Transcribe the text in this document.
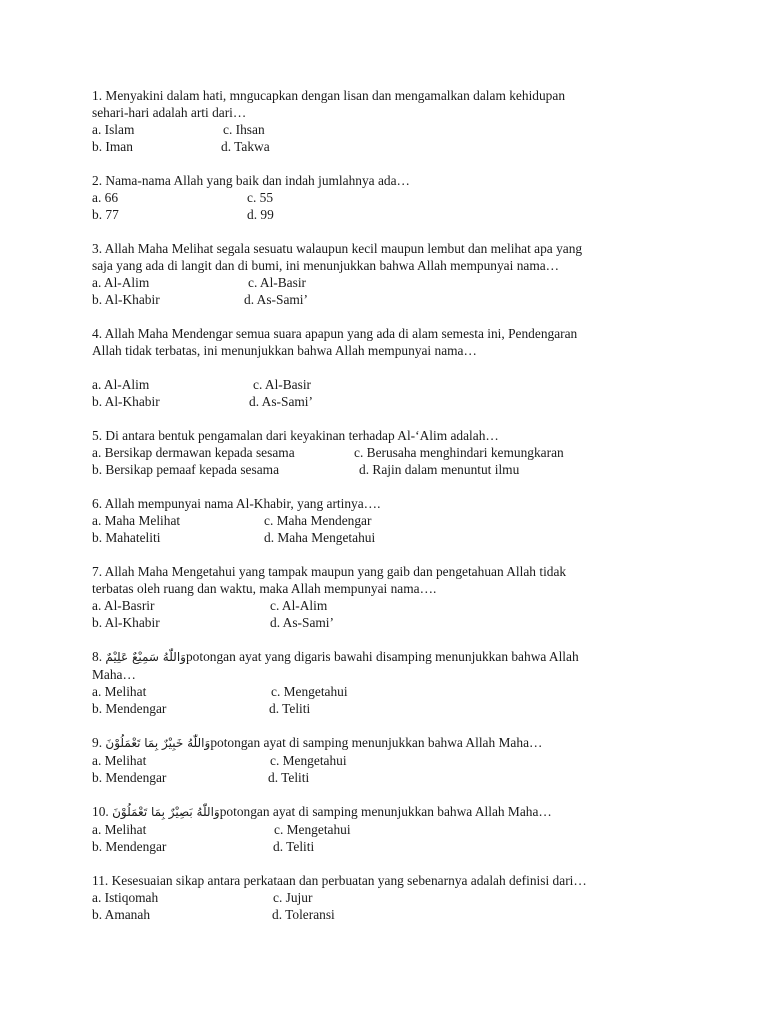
1. Menyakini dalam hati, mngucapkan dengan lisan dan mengamalkan dalam kehidupan
sehari-hari adalah arti dari…
a. Islam	c. Ihsan
b. Iman	d. Takwa
2. Nama-nama Allah yang baik dan indah jumlahnya ada…
a. 66	c. 55
b. 77	d. 99
3. Allah Maha Melihat segala sesuatu walaupun kecil maupun lembut dan melihat apa yang
saja yang ada di langit dan di bumi, ini menunjukkan bahwa Allah mempunyai nama…
a. Al-Alim	c. Al-Basir
b. Al-Khabir	d. As-Sami’
4. Allah Maha Mendengar semua suara apapun yang ada di alam semesta ini, Pendengaran
Allah tidak terbatas, ini menunjukkan bahwa Allah mempunyai nama…
a. Al-Alim	c. Al-Basir
b. Al-Khabir	d. As-Sami’
5. Di antara bentuk pengamalan dari keyakinan terhadap Al-‘Alim adalah…
a. Bersikap dermawan kepada sesama	c. Berusaha menghindari kemungkaran
b. Bersikap pemaaf kepada sesama	d. Rajin dalam menuntut ilmu
6. Allah mempunyai nama Al-Khabir, yang artinya….
a. Maha Melihat	c. Maha Mendengar
b. Mahateliti	d. Maha Mengetahui
7. Allah Maha Mengetahui yang tampak maupun yang gaib dan pengetahuan Allah tidak
terbatas oleh ruang dan waktu, maka Allah mempunyai nama….
a. Al-Basrir	c. Al-Alim
b. Al-Khabir	d. As-Sami’
8. وَاللّٰهُ سَمِيْعٌ عَلِيْمٌpotongan ayat yang digaris bawahi disamping menunjukkan bahwa Allah
Maha…
a. Melihat	c. Mengetahui
b. Mendengar	d. Teliti
9. وَاللّٰهُ خَبِيْرٌ بِمَا تَعْمَلُوْنَpotongan ayat di samping menunjukkan bahwa Allah Maha…
a. Melihat	c. Mengetahui
b. Mendengar	d. Teliti
10. وَاللّٰهُ بَصِيْرٌ بِمَا تَعْمَلُوْنَpotongan ayat di samping menunjukkan bahwa Allah Maha…
a. Melihat	c. Mengetahui
b. Mendengar	d. Teliti
11. Kesesuaian sikap antara perkataan dan perbuatan yang sebenarnya adalah definisi dari…
a. Istiqomah	c. Jujur
b. Amanah	d. Toleransi
